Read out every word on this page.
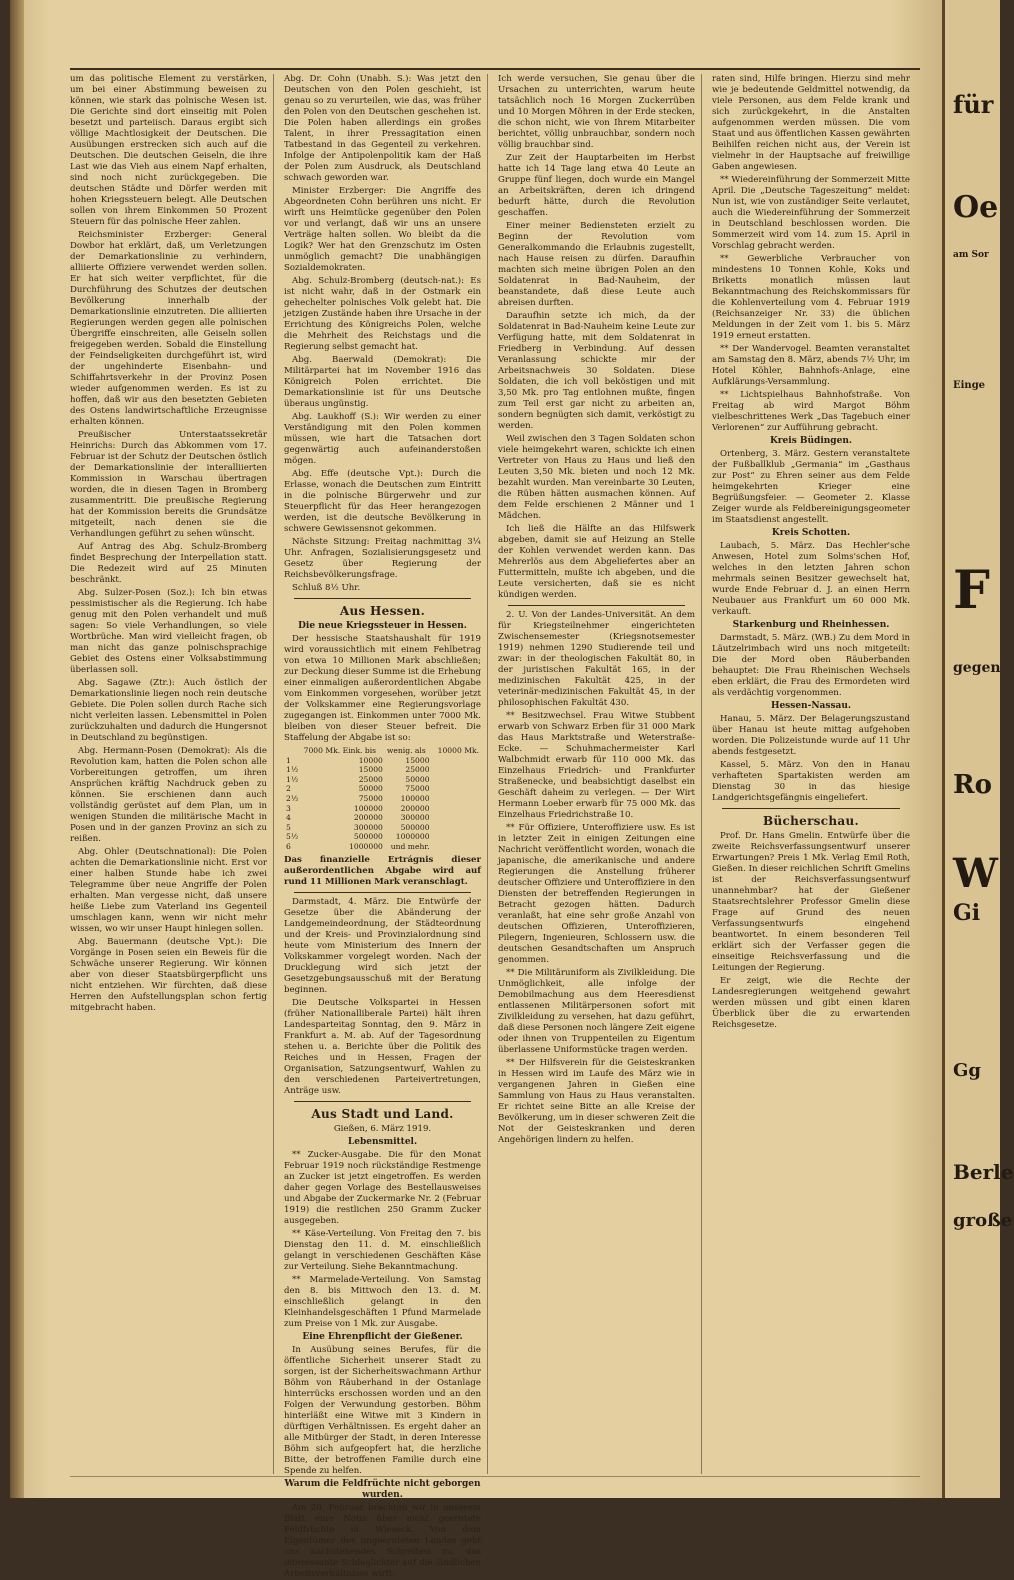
um das politische Element zu verstärken, um bei einer Abstimmung beweisen zu können, wie stark das polnische Wesen ist. Die Gerichte sind dort einseitig mit Polen besetzt und parteiisch. Daraus ergibt sich völlige Machtlosigkeit der Deutschen. Die Ausübungen erstrecken sich auch auf die Deutschen. Die deutschen Geiseln, die ihre Last wie das Vieh aus einem Napf erhalten, sind noch nicht zurückgegeben. Die deutschen Städte und Dörfer werden mit hohen Kriegssteuern belegt. Alle Deutschen sollen von ihrem Einkommen 50 Prozent Steuern für das polnische Heer zahlen.

Reichsminister Erzberger: General Dowbor hat erklärt, daß, um Verletzungen der Demarkationslinie zu verhindern, alliierte Offiziere verwendet werden sollen. Er hat sich weiter verpflichtet, für die Durchführung des Schutzes der deutschen Bevölkerung innerhalb der Demarkationslinie einzutreten. Die alliierten Regierungen werden gegen alle polnischen Übergriffe einschreiten, alle Geiseln sollen freigegeben werden. Sobald die Einstellung der Feindseligkeiten durchgeführt ist, wird der ungehinderte Eisenbahn- und Schiffahrtsverkehr in der Provinz Posen wieder aufgenommen werden. Es ist zu hoffen, daß wir aus den besetzten Gebieten des Ostens landwirtschaftliche Erzeugnisse erhalten können.

Preußischer Unterstaatssekretär Heinrichs: Durch das Abkommen vom 17. Februar ist der Schutz der Deutschen östlich der Demarkationslinie der interalliierten Kommission in Warschau übertragen worden, die in diesen Tagen in Bromberg zusammentritt. Die preußische Regierung hat der Kommission bereits die Grundsätze mitgeteilt, nach denen sie die Verhandlungen geführt zu sehen wünscht.

Auf Antrag des Abg. Schulz-Bromberg findet Besprechung der Interpellation statt. Die Redezeit wird auf 25 Minuten beschränkt.

Abg. Sulzer-Posen (Soz.): Ich bin etwas pessimistischer als die Regierung. Ich habe genug mit den Polen verhandelt und muß sagen: So viele Verhandlungen, so viele Wortbrüche. Man wird vielleicht fragen, ob man nicht das ganze polnischsprachige Gebiet des Ostens einer Volksabstimmung überlassen soll.

Abg. Sagawe (Ztr.): Auch östlich der Demarkationslinie liegen noch rein deutsche Gebiete. Die Polen sollen durch Rache sich nicht verleiten lassen. Lebensmittel in Polen zurückzuhalten und dadurch die Hungersnot in Deutschland zu begünstigen.

Abg. Hermann-Posen (Demokrat): Als die Revolution kam, hatten die Polen schon alle Vorbereitungen getroffen, um ihren Ansprüchen kräftig Nachdruck geben zu können. Sie erschienen dann auch vollständig gerüstet auf dem Plan, um in wenigen Stunden die militärische Macht in Posen und in der ganzen Provinz an sich zu reißen.

Abg. Ohler (Deutschnational): Die Polen achten die Demarkationslinie nicht. Erst vor einer halben Stunde habe ich zwei Telegramme über neue Angriffe der Polen erhalten. Man vergesse nicht, daß unsere heiße Liebe zum Vaterland ins Gegenteil umschlagen kann, wenn wir nicht mehr wissen, wo wir unser Haupt hinlegen sollen.

Abg. Bauermann (deutsche Vpt.): Die Vorgänge in Posen seien ein Beweis für die Schwäche unserer Regierung. Wir können aber von dieser Staatsbürgerpflicht uns nicht entziehen. Wir fürchten, daß diese Herren den Aufstellungsplan schon fertig mitgebracht haben.

Abg. Dr. Cohn (Unabh. S.): Was jetzt den Deutschen von den Polen geschieht, ist genau so zu verurteilen, wie das, was früher den Polen von den Deutschen geschehen ist. Die Polen haben allerdings ein großes Talent, in ihrer Pressagitation einen Tatbestand in das Gegenteil zu verkehren. Infolge der Antipolenpolitik kam der Haß der Polen zum Ausdruck, als Deutschland schwach geworden war.

Minister Erzberger: Die Angriffe des Abgeordneten Cohn berühren uns nicht. Er wirft uns Heimtücke gegenüber den Polen vor und verlangt, daß wir uns an unsere Verträge halten sollen. Wo bleibt da die Logik? Wer hat den Grenzschutz im Osten unmöglich gemacht? Die unabhängigen Sozialdemokraten.

Abg. Schulz-Bromberg (deutsch-nat.): Es ist nicht wahr, daß in der Ostmark ein gehechelter polnisches Volk gelebt hat. Die jetzigen Zustände haben ihre Ursache in der Errichtung des Königreichs Polen, welche die Mehrheit des Reichstags und die Regierung selbst gemacht hat.

Abg. Baerwald (Demokrat): Die Militärpartei hat im November 1916 das Königreich Polen errichtet. Die Demarkationslinie ist für uns Deutsche überaus ungünstig.

Abg. Laukhoff (S.): Wir werden zu einer Verständigung mit den Polen kommen müssen, wie hart die Tatsachen dort gegenwärtig auch aufeinanderstoßen mögen.

Abg. Effe (deutsche Vpt.): Durch die Erlasse, wonach die Deutschen zum Eintritt in die polnische Bürgerwehr und zur Steuerpflicht für das Heer herangezogen werden, ist die deutsche Bevölkerung in schwere Gewissensnot gekommen.

Nächste Sitzung: Freitag nachmittag 3¼ Uhr. Anfragen, Sozialisierungsgesetz und Gesetz über Regierung der Reichsbevölkerungsfrage.

Schluß 8½ Uhr.

Aus Hessen.
Die neue Kriegssteuer in Hessen.

Der hessische Staatshaushalt für 1919 wird voraussichtlich mit einem Fehlbetrag von etwa 10 Millionen Mark abschließen; zur Deckung dieser Summe ist die Erhebung einer einmaligen außerordentlichen Abgabe vom Einkommen vorgesehen, worüber jetzt der Volkskammer eine Regierungsvorlage zugegangen ist. Einkommen unter 7000 Mk. bleiben von dieser Steuer befreit. Die Staffelung der Abgabe ist so:

	7000 Mk. Eink. bis	wenig. als	10000 Mk.
1	10000	15000	
1½	15000	25000	
1½	25000	50000	
2	50000	75000	
2½	75000	100000	
3	100000	200000	
4	200000	300000	
5	300000	500000	
5½	500000	1000000	
6	1000000	und mehr.	

Das finanzielle Ertrágnis dieser außerordentlichen Abgabe wird auf rund 11 Millionen Mark veranschlagt.

Darmstadt, 4. März. Die Entwürfe der Gesetze über die Abänderung der Landgemeindeordnung, der Städteordnung und der Kreis- und Provinzialordnung sind heute vom Ministerium des Innern der Volkskammer vorgelegt worden. Nach der Drucklegung wird sich jetzt der Gesetzgebungsausschuß mit der Beratung beginnen.

Die Deutsche Volkspartei in Hessen (früher Nationalliberale Partei) hält ihren Landesparteitag Sonntag, den 9. März in Frankfurt a. M. ab. Auf der Tagesordnung stehen u. a. Berichte über die Politik des Reiches und in Hessen, Fragen der Organisation, Satzungsentwurf, Wahlen zu den verschiedenen Parteivertretungen, Anträge usw.

Aus Stadt und Land.

Gießen, 6. März 1919.

Lebensmittel.

** Zucker-Ausgabe. Die für den Monat Februar 1919 noch rückständige Restmenge an Zucker ist jetzt eingetroffen. Es werden daher gegen Vorlage des Bestellausweises und Abgabe der Zuckermarke Nr. 2 (Februar 1919) die restlichen 250 Gramm Zucker ausgegeben.

** Käse-Verteilung. Von Freitag den 7. bis Dienstag den 11. d. M. einschließlich gelangt in verschiedenen Geschäften Käse zur Verteilung. Siehe Bekanntmachung.

** Marmelade-Verteilung. Von Samstag den 8. bis Mittwoch den 13. d. M. einschließlich gelangt in den Kleinhandelsgeschäften 1 Pfund Marmelade zum Preise von 1 Mk. zur Ausgabe.

Eine Ehrenpflicht der Gießener.

In Ausübung seines Berufes, für die öffentliche Sicherheit unserer Stadt zu sorgen, ist der Sicherheitswachmann Arthur Böhm von Räuberhand in der Ostanlage hinterrücks erschossen worden und an den Folgen der Verwundung gestorben. Böhm hinterläßt eine Witwe mit 3 Kindern in dürftigen Verhältnissen. Es ergeht daher an alle Mitbürger der Stadt, in deren Interesse Böhm sich aufgeopfert hat, die herzliche Bitte, der betroffenen Familie durch eine Spende zu helfen.

Warum die Feldfrüchte nicht geborgen wurden.

Am 20. Februar brachten wir in unserem Blatt eine Notiz über nicht geerntete Feldfrüchte in Wieseck. Von dem Eigentümer des ungeernteten Landes geht uns nachstehendes Schreiben zu, das interessante Schlaglichter auf die ländlichen Arbeitsverhältnisse wirft:

Ich werde versuchen, Sie genau über die Ursachen zu unterrichten, warum heute tatsächlich noch 16 Morgen Zuckerrüben und 10 Morgen Möhren in der Erde stecken, die schon nicht, wie von Ihrem Mitarbeiter berichtet, völlig unbrauchbar, sondern noch völlig brauchbar sind.

Zur Zeit der Hauptarbeiten im Herbst hatte ich 14 Tage lang etwa 40 Leute an Gruppe fünf liegen, doch wurde ein Mangel an Arbeitskräften, deren ich dringend bedurft hätte, durch die Revolution geschaffen.

Einer meiner Bediensteten erzielt zu Beginn der Revolution vom Generalkommando die Erlaubnis zugestellt, nach Hause reisen zu dürfen. Daraufhin machten sich meine übrigen Polen an den Soldatenrat in Bad-Nauheim, der beanstandete, daß diese Leute auch abreisen durften.

Daraufhin setzte ich mich, da der Soldatenrat in Bad-Nauheim keine Leute zur Verfügung hatte, mit dem Soldatenrat in Friedberg in Verbindung. Auf dessen Veranlassung schickte mir der Arbeitsnachweis 30 Soldaten. Diese Soldaten, die ich voll beköstigen und mit 3,50 Mk. pro Tag entlohnen mußte, fingen zum Teil erst gar nicht zu arbeiten an, sondern begnügten sich damit, verköstigt zu werden.

Weil zwischen den 3 Tagen Soldaten schon viele heimgekehrt waren, schickte ich einen Vertreter von Haus zu Haus und ließ den Leuten 3,50 Mk. bieten und noch 12 Mk. bezahlt wurden. Man vereinbarte 30 Leuten, die Rüben hätten ausmachen können. Auf dem Felde erschienen 2 Männer und 1 Mädchen.

Ich ließ die Hälfte an das Hilfswerk abgeben, damit sie auf Heizung an Stelle der Kohlen verwendet werden kann. Das Mehrerlös aus dem Abgeliefertes aber an Futtermitteln, mußte ich abgeben, und die Leute versicherten, daß sie es nicht kündigen werden.

2. U. Von der Landes-Universität. An dem für Kriegsteilnehmer eingerichteten Zwischensemester (Kriegsnotsemester 1919) nehmen 1290 Studierende teil und zwar: in der theologischen Fakultät 80, in der juristischen Fakultät 165, in der medizinischen Fakultät 425, in der veterinär-medizinischen Fakultät 45, in der philosophischen Fakultät 430.

** Besitzwechsel. Frau Witwe Stubbent erwarb von Schwarz Erben für 31 000 Mark das Haus Marktstraße und Weterstraße-Ecke. — Schuhmachermeister Karl Walbchmidt erwarb für 110 000 Mk. das Einzelhaus Friedrich- und Frankfurter Straßenecke, und beabsichtigt daselbst ein Geschäft daheim zu verlegen. — Der Wirt Hermann Loeber erwarb für 75 000 Mk. das Einzelhaus Friedrichstraße 10.

** Für Offiziere, Unteroffiziere usw. Es ist in letzter Zeit in einigen Zeitungen eine Nachricht veröffentlicht worden, wonach die japanische, die amerikanische und andere Regierungen die Anstellung früherer deutscher Offiziere und Unteroffiziere in den Diensten der betreffenden Regierungen in Betracht gezogen hätten. Dadurch veranlaßt, hat eine sehr große Anzahl von deutschen Offizieren, Unteroffizieren, Pilegern, Ingenieuren, Schlossern usw. die deutschen Gesandtschaften um Anspruch genommen.

** Die Militäruniform als Zivilkleidung. Die Unmöglichkeit, alle infolge der Demobilmachung aus dem Heeresdienst entlassenen Militärpersonen sofort mit Zivilkleidung zu versehen, hat dazu geführt, daß diese Personen noch längere Zeit eigene oder ihnen von Truppenteilen zu Eigentum überlassene Uniformstücke tragen werden.

** Der Hilfsverein für die Geisteskranken in Hessen wird im Laufe des März wie in vergangenen Jahren in Gießen eine Sammlung von Haus zu Haus veranstalten. Er richtet seine Bitte an alle Kreise der Bevölkerung, um in dieser schweren Zeit die Not der Geisteskranken und deren Angehörigen lindern zu helfen.

raten sind, Hilfe bringen. Hierzu sind mehr wie je bedeutende Geldmittel notwendig, da viele Personen, aus dem Felde krank und sich zurückgekehrt, in die Anstalten aufgenommen werden müssen. Die vom Staat und aus öffentlichen Kassen gewährten Beihilfen reichen nicht aus, der Verein ist vielmehr in der Hauptsache auf freiwillige Gaben angewiesen.

** Wiedereinführung der Sommerzeit Mitte April. Die „Deutsche Tageszeitung“ meldet: Nun ist, wie von zuständiger Seite verlautet, auch die Wiedereinführung der Sommerzeit in Deutschland beschlossen worden. Die Sommerzeit wird vom 14. zum 15. April in Vorschlag gebracht werden.

** Gewerbliche Verbraucher von mindestens 10 Tonnen Kohle, Koks und Briketts monatlich müssen laut Bekanntmachung des Reichskommissars für die Kohlenverteilung vom 4. Februar 1919 (Reichsanzeiger Nr. 33) die üblichen Meldungen in der Zeit vom 1. bis 5. März 1919 erneut erstatten.

** Der Wandervogel. Beamten veranstaltet am Samstag den 8. März, abends 7½ Uhr, im Hotel Köhler, Bahnhofs-Anlage, eine Aufklärungs-Versammlung.

** Lichtspielhaus Bahnhofstraße. Von Freitag ab wird Margot Böhm vielbeschrittenes Werk „Das Tagebuch einer Verlorenen“ zur Aufführung gebracht.

Kreis Büdingen.

Ortenberg, 3. März. Gestern veranstaltete der Fußballklub „Germania“ im „Gasthaus zur Post“ zu Ehren seiner aus dem Felde heimgekehrten Krieger eine Begrüßungsfeier. — Geometer 2. Klasse Zeiger wurde als Feldbereinigungsgeometer im Staatsdienst angestellt.

Kreis Schotten.

Laubach, 5. März. Das Hechler'sche Anwesen, Hotel zum Solms'schen Hof, welches in den letzten Jahren schon mehrmals seinen Besitzer gewechselt hat, wurde Ende Februar d. J. an einen Herrn Neubauer aus Frankfurt um 60 000 Mk. verkauft.

Starkenburg und Rheinhessen.

Darmstadt, 5. März. (WB.) Zu dem Mord in Läutzelrimbach wird uns noch mitgeteilt: Die der Mord oben Räuberbanden behauptet: Die Frau Rheinischen Wechsels eben erklärt, die Frau des Ermordeten wird als verdächtig vorgenommen.

Hessen-Nassau.

Hanau, 5. März. Der Belagerungszustand über Hanau ist heute mittag aufgehoben worden. Die Polizeistunde wurde auf 11 Uhr abends festgesetzt.

Kassel, 5. März. Von den in Hanau verhafteten Spartakisten werden am Dienstag 30 in das hiesige Landgerichtsgefängnis eingeliefert.

Bücherschau.

Prof. Dr. Hans Gmelin. Entwürfe über die zweite Reichsverfassungsentwurf unserer Erwartungen? Preis 1 Mk. Verlag Emil Roth, Gießen. In dieser reichlichen Schrift Gmelins ist der Reichsverfassungsentwurf unannehmbar? hat der Gießener Staatsrechtslehrer Professor Gmelin diese Frage auf Grund des neuen Verfassungsentwurfs eingehend beantwortet. In einem besonderen Teil erklärt sich der Verfasser gegen die einseitige Reichsverfassung und die Leitungen der Regierung.

Er zeigt, wie die Rechte der Landesregierungen weitgehend gewahrt werden müssen und gibt einen klaren Überblick über die zu erwartenden Reichsgesetze.

für
Oe
am Sor
Einge
F
gegen
Ro
W
Gi
Gg
Berle
große
